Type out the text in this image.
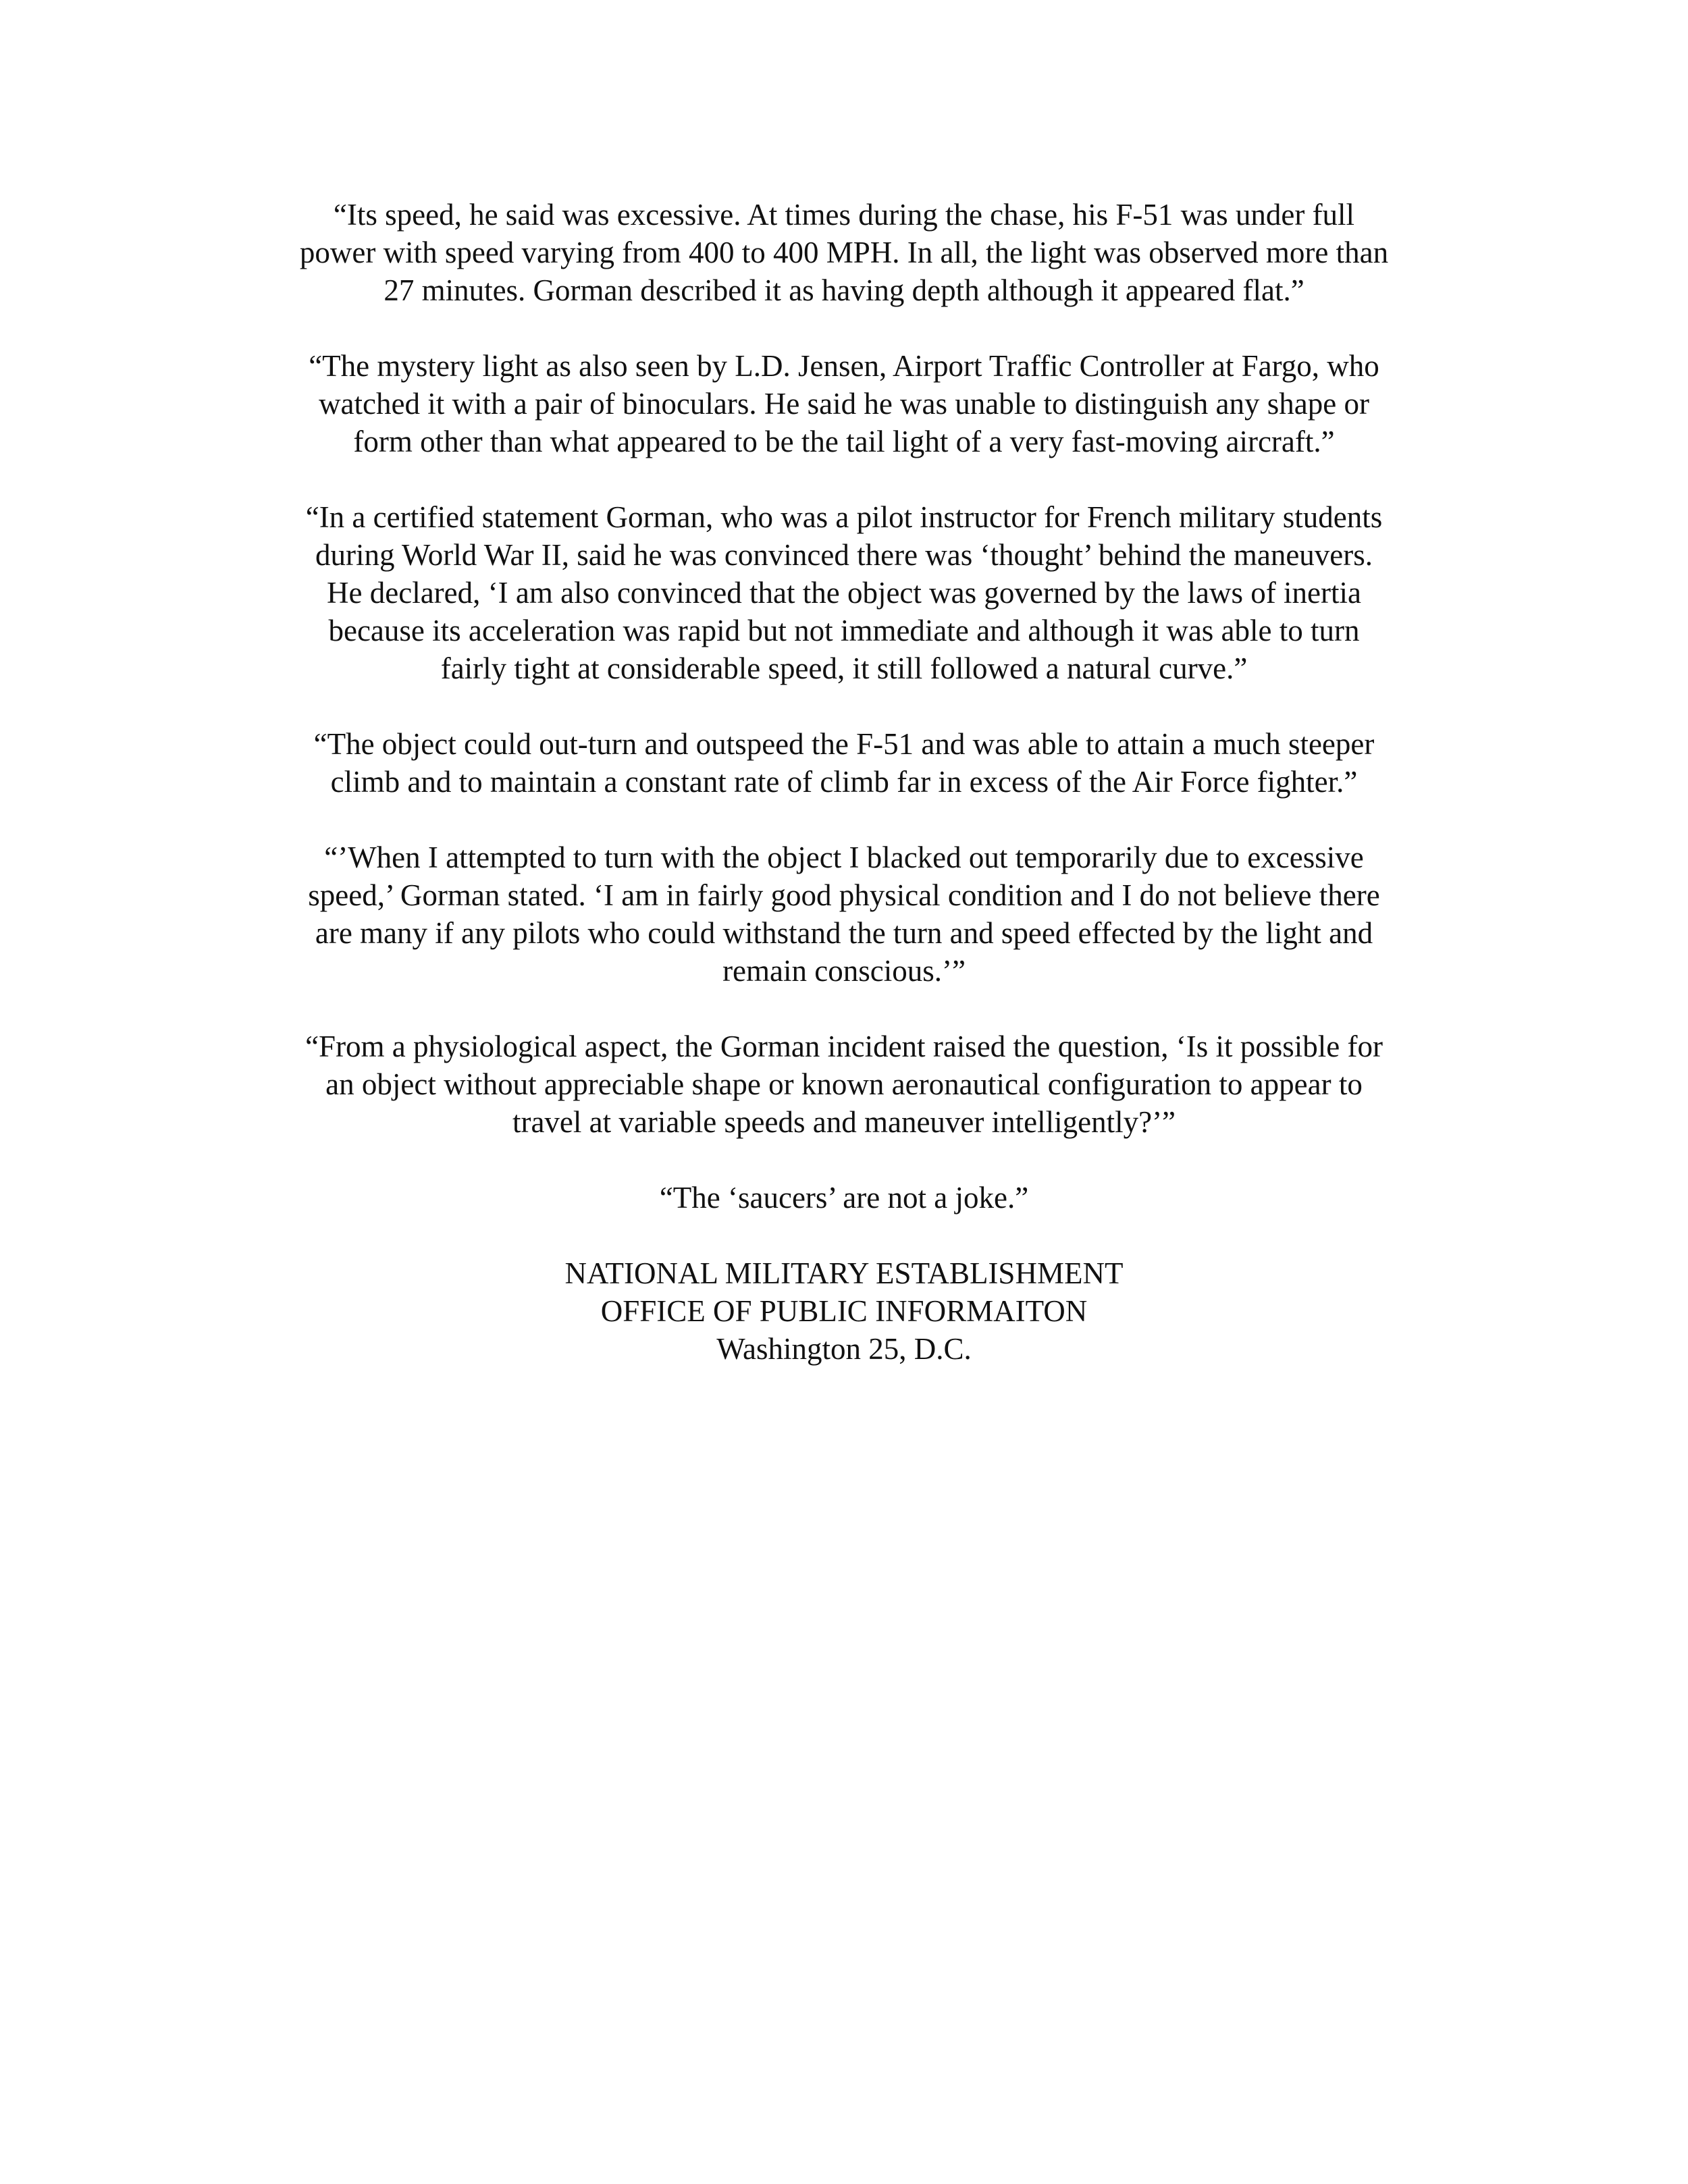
“Its speed, he said was excessive. At times during the chase, his F-51 was under full
power with speed varying from 400 to 400 MPH. In all, the light was observed more than
27 minutes. Gorman described it as having depth although it appeared flat.”

“The mystery light as also seen by L.D. Jensen, Airport Traffic Controller at Fargo, who
watched it with a pair of binoculars. He said he was unable to distinguish any shape or
form other than what appeared to be the tail light of a very fast-moving aircraft.”

“In a certified statement Gorman, who was a pilot instructor for French military students
during World War II, said he was convinced there was ‘thought’ behind the maneuvers.
He declared, ‘I am also convinced that the object was governed by the laws of inertia
because its acceleration was rapid but not immediate and although it was able to turn
fairly tight at considerable speed, it still followed a natural curve.”

“The object could out-turn and outspeed the F-51 and was able to attain a much steeper
climb and to maintain a constant rate of climb far in excess of the Air Force fighter.”

“’When I attempted to turn with the object I blacked out temporarily due to excessive
speed,’ Gorman stated. ‘I am in fairly good physical condition and I do not believe there
are many if any pilots who could withstand the turn and speed effected by the light and
remain conscious.’”

“From a physiological aspect, the Gorman incident raised the question, ‘Is it possible for
an object without appreciable shape or known aeronautical configuration to appear to
travel at variable speeds and maneuver intelligently?’”

“The ‘saucers’ are not a joke.”

NATIONAL MILITARY ESTABLISHMENT
OFFICE OF PUBLIC INFORMAITON
Washington 25, D.C.
